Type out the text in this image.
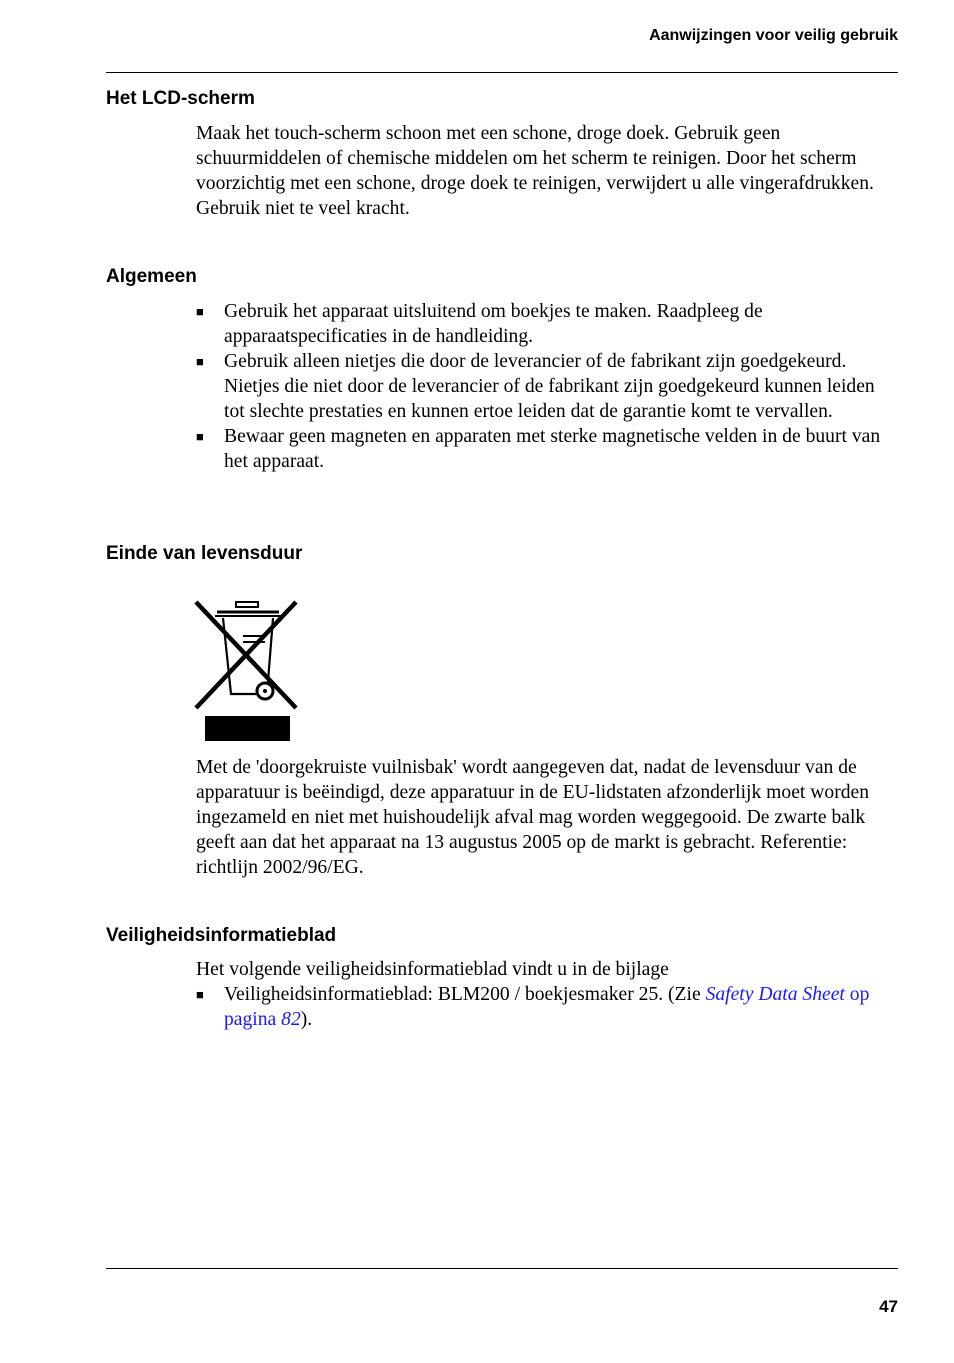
Aanwijzingen voor veilig gebruik
Het LCD-scherm
Maak het touch-scherm schoon met een schone, droge doek. Gebruik geen schuurmiddelen of chemische middelen om het scherm te reinigen. Door het scherm voorzichtig met een schone, droge doek te reinigen, verwijdert u alle vingerafdrukken. Gebruik niet te veel kracht.
Algemeen
■ Gebruik het apparaat uitsluitend om boekjes te maken. Raadpleeg de apparaatspecificaties in de handleiding.
■ Gebruik alleen nietjes die door de leverancier of de fabrikant zijn goedgekeurd. Nietjes die niet door de leverancier of de fabrikant zijn goedgekeurd kunnen leiden tot slechte prestaties en kunnen ertoe leiden dat de garantie komt te vervallen.
■ Bewaar geen magneten en apparaten met sterke magnetische velden in de buurt van het apparaat.
Einde van levensduur
Met de 'doorgekruiste vuilnisbak' wordt aangegeven dat, nadat de levensduur van de apparatuur is beëindigd, deze apparatuur in de EU-lidstaten afzonderlijk moet worden ingezameld en niet met huishoudelijk afval mag worden weggegooid. De zwarte balk geeft aan dat het apparaat na 13 augustus 2005 op de markt is gebracht. Referentie: richtlijn 2002/96/EG.
Veiligheidsinformatieblad
Het volgende veiligheidsinformatieblad vindt u in de bijlage
■ Veiligheidsinformatieblad: BLM200 / boekjesmaker 25. (Zie Safety Data Sheet op pagina 82).
47
